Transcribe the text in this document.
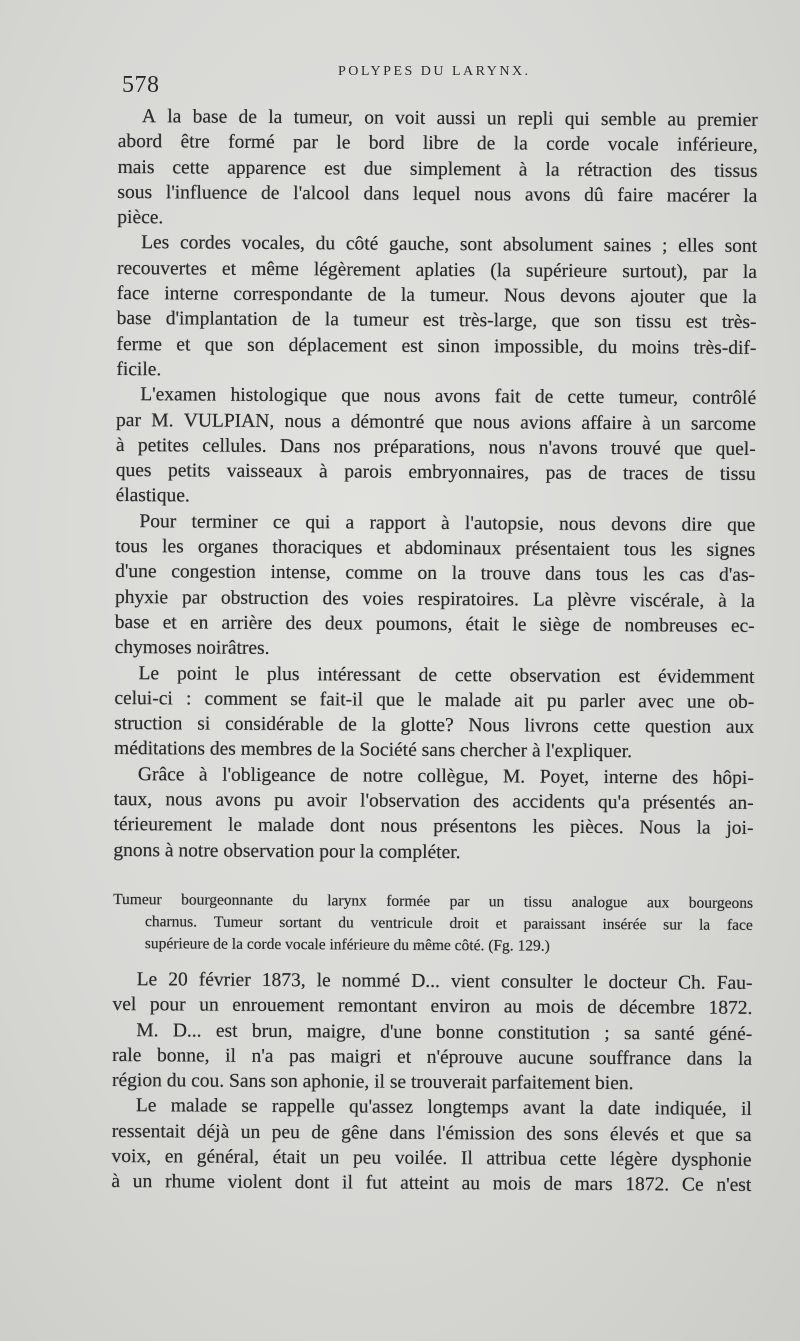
578
POLYPES DU LARYNX.
A la base de la tumeur, on voit aussi un repli qui semble au premier
abord être formé par le bord libre de la corde vocale inférieure,
mais cette apparence est due simplement à la rétraction des tissus
sous l'influence de l'alcool dans lequel nous avons dû faire macérer la
pièce.
Les cordes vocales, du côté gauche, sont absolument saines ; elles sont
recouvertes et même légèrement aplaties (la supérieure surtout), par la
face interne correspondante de la tumeur. Nous devons ajouter que la
base d'implantation de la tumeur est très-large, que son tissu est très-
ferme et que son déplacement est sinon impossible, du moins très-dif-
ficile.
L'examen histologique que nous avons fait de cette tumeur, contrôlé
par M. VULPIAN, nous a démontré que nous avions affaire à un sarcome
à petites cellules. Dans nos préparations, nous n'avons trouvé que quel-
ques petits vaisseaux à parois embryonnaires, pas de traces de tissu
élastique.
Pour terminer ce qui a rapport à l'autopsie, nous devons dire que
tous les organes thoraciques et abdominaux présentaient tous les signes
d'une congestion intense, comme on la trouve dans tous les cas d'as-
phyxie par obstruction des voies respiratoires. La plèvre viscérale, à la
base et en arrière des deux poumons, était le siège de nombreuses ec-
chymoses noirâtres.
Le point le plus intéressant de cette observation est évidemment
celui-ci : comment se fait-il que le malade ait pu parler avec une ob-
struction si considérable de la glotte? Nous livrons cette question aux
méditations des membres de la Société sans chercher à l'expliquer.
Grâce à l'obligeance de notre collègue, M. Poyet, interne des hôpi-
taux, nous avons pu avoir l'observation des accidents qu'a présentés an-
térieurement le malade dont nous présentons les pièces. Nous la joi-
gnons à notre observation pour la compléter.
Tumeur bourgeonnante du larynx formée par un tissu analogue aux bourgeons
charnus. Tumeur sortant du ventricule droit et paraissant insérée sur la face
supérieure de la corde vocale inférieure du même côté. (Fg. 129.)
Le 20 février 1873, le nommé D... vient consulter le docteur Ch. Fau-
vel pour un enrouement remontant environ au mois de décembre 1872.
M. D... est brun, maigre, d'une bonne constitution ; sa santé géné-
rale bonne, il n'a pas maigri et n'éprouve aucune souffrance dans la
région du cou. Sans son aphonie, il se trouverait parfaitement bien.
Le malade se rappelle qu'assez longtemps avant la date indiquée, il
ressentait déjà un peu de gêne dans l'émission des sons élevés et que sa
voix, en général, était un peu voilée. Il attribua cette légère dysphonie
à un rhume violent dont il fut atteint au mois de mars 1872. Ce n'est
